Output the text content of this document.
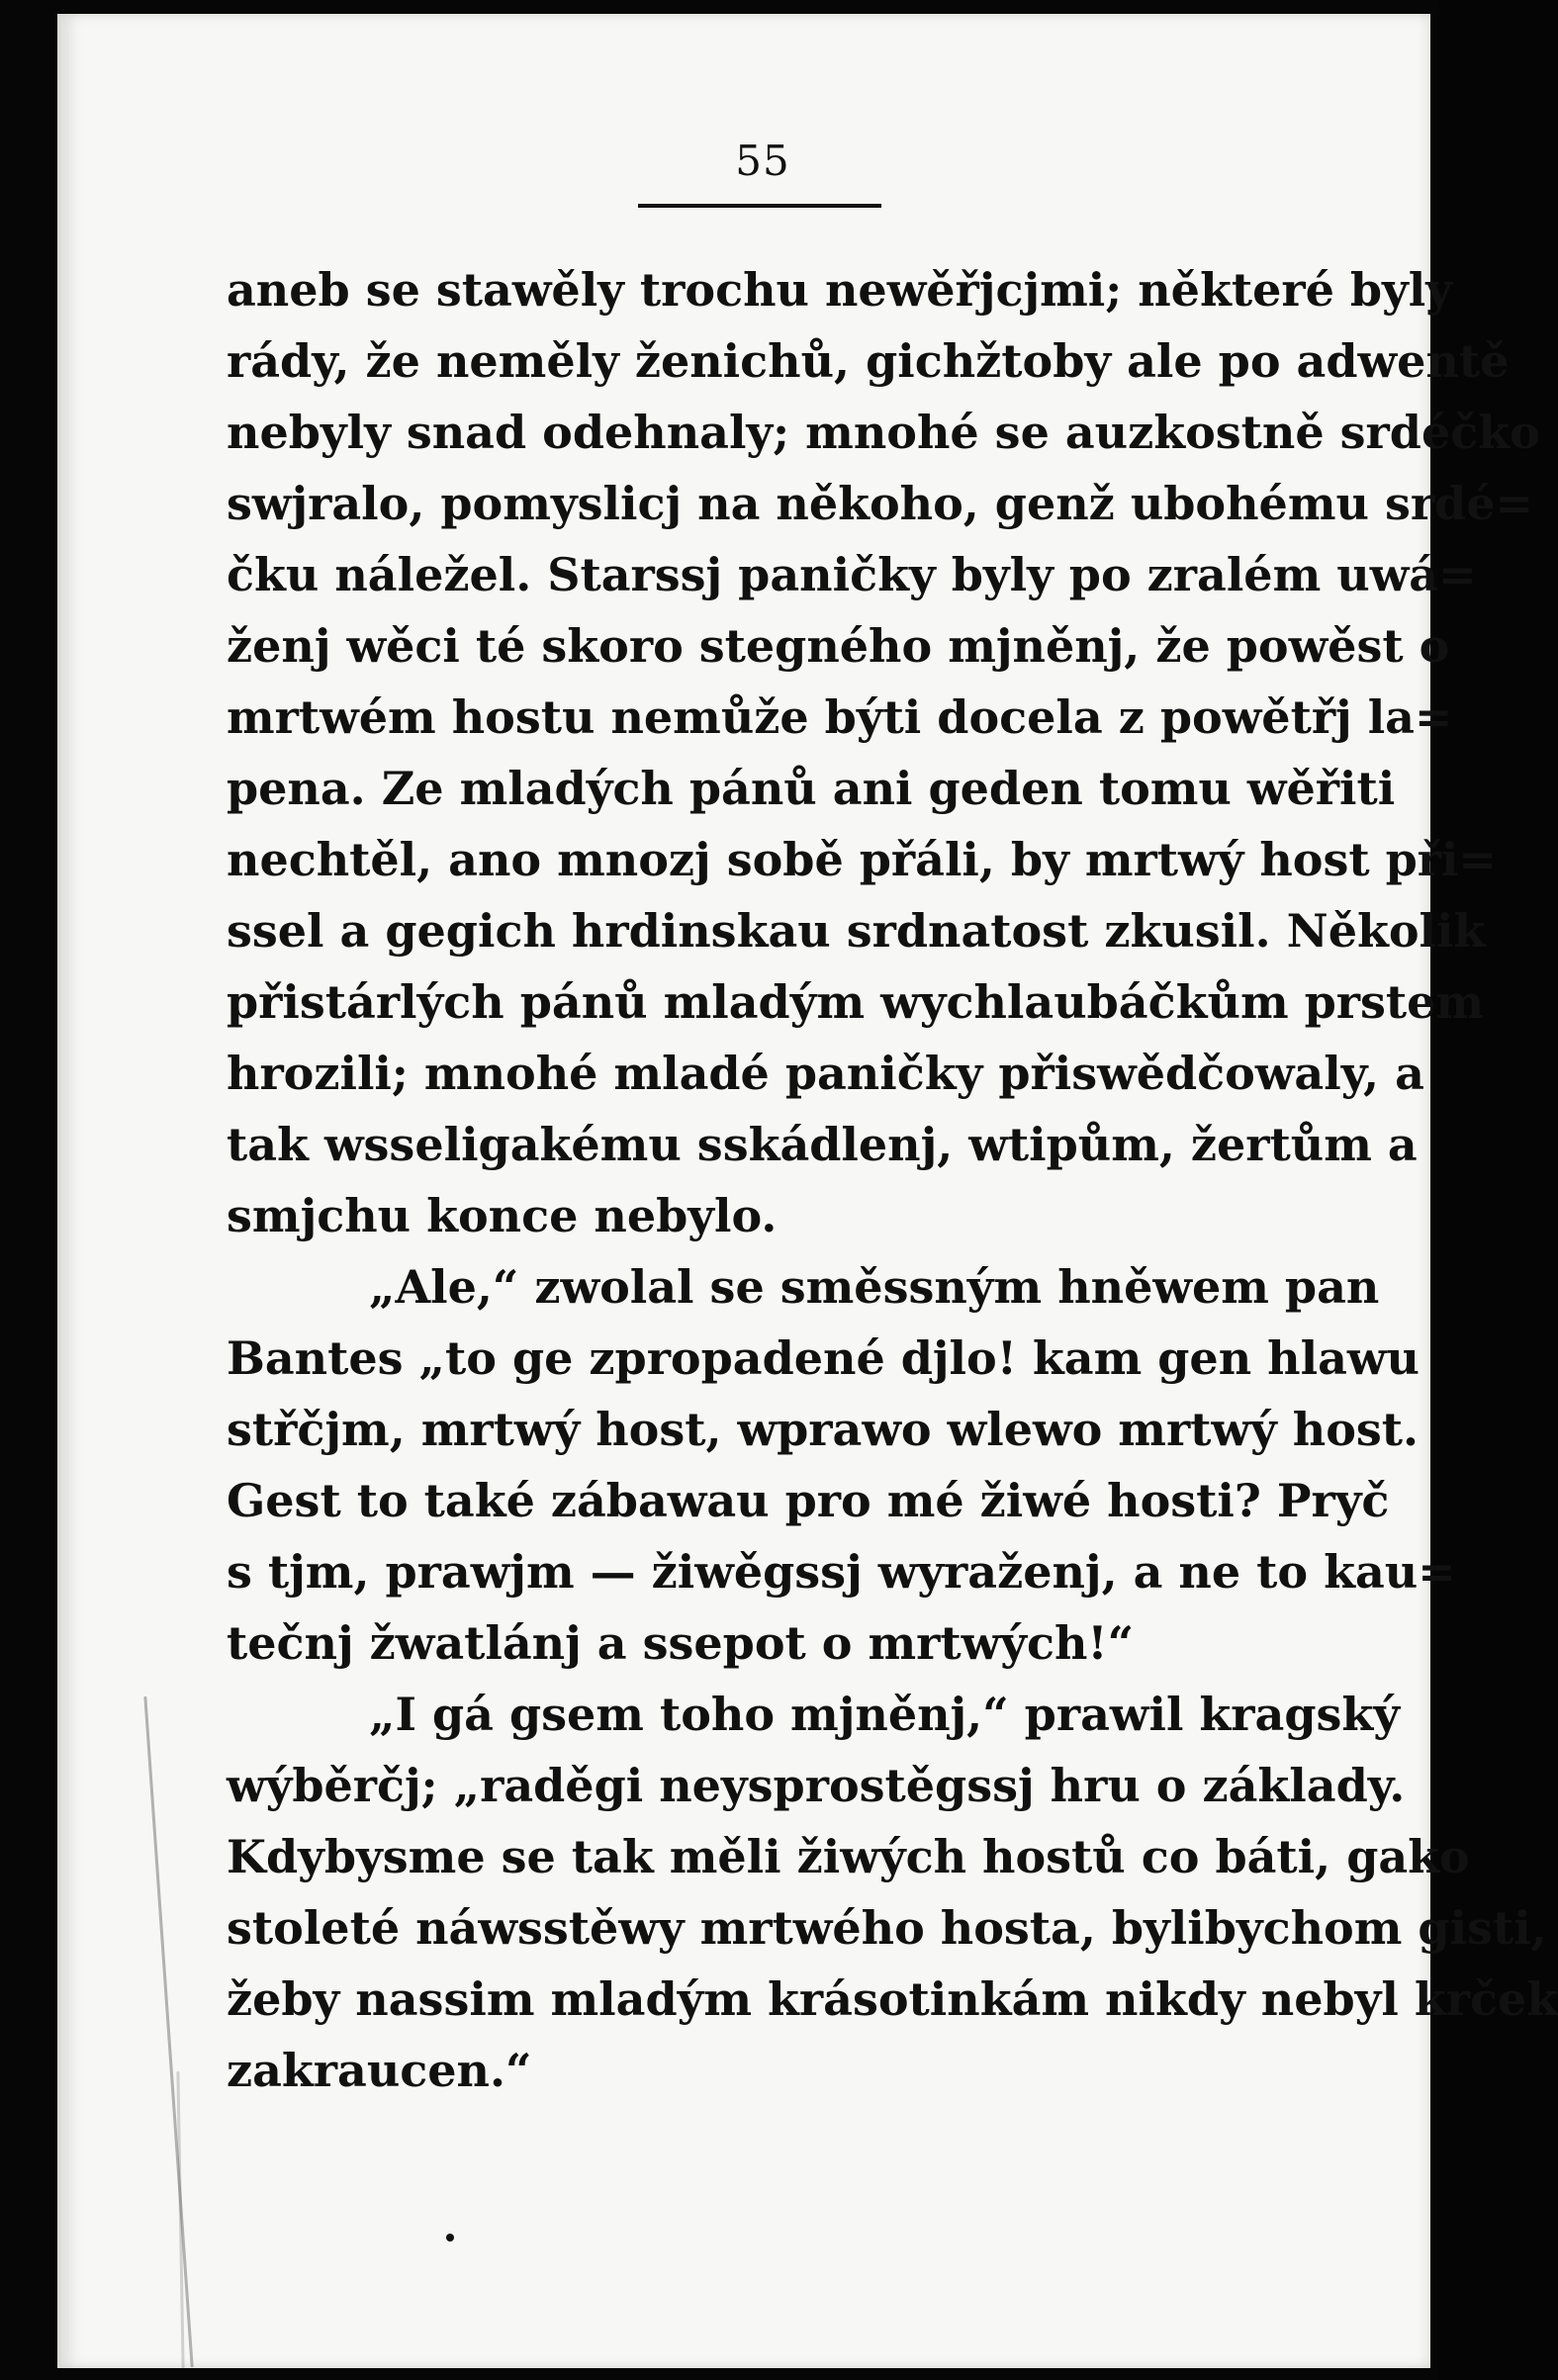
55
aneb se stawěly trochu newěřjcjmi; některé byly
rády, že neměly ženichů, gichžtoby ale po adwentě
nebyly snad odehnaly; mnohé se auzkostně srdéčko
swjralo, pomyslicj na někoho, genž ubohému srdé=
čku náležel. Starssj paničky byly po zralém uwá=
ženj wěci té skoro stegného mjněnj, že powěst o
mrtwém hostu nemůže býti docela z powětřj la=
pena. Ze mladých pánů ani geden tomu wěřiti
nechtěl, ano mnozj sobě přáli, by mrtwý host při=
ssel a gegich hrdinskau srdnatost zkusil. Několik
přistárlých pánů mladým wychlaubáčkům prstem
hrozili; mnohé mladé paničky přiswědčowaly, a
tak wsseligakému sskádlenj, wtipům, žertům a
smjchu konce nebylo.
„Ale,“ zwolal se směssným hněwem pan
Bantes „to ge zpropadené djlo! kam gen hlawu
střčjm, mrtwý host, wprawo wlewo mrtwý host.
Gest to také zábawau pro mé žiwé hosti? Pryč
s tjm, prawjm — žiwěgssj wyraženj, a ne to kau=
tečnj žwatlánj a ssepot o mrtwých!“
„I gá gsem toho mjněnj,“ prawil kragský
wýběrčj; „raděgi neysprostěgssj hru o základy.
Kdybysme se tak měli žiwých hostů co báti, gako
stoleté náwsstěwy mrtwého hosta, bylibychom gisti,
žeby nassim mladým krásotinkám nikdy nebyl krček
zakraucen.“
